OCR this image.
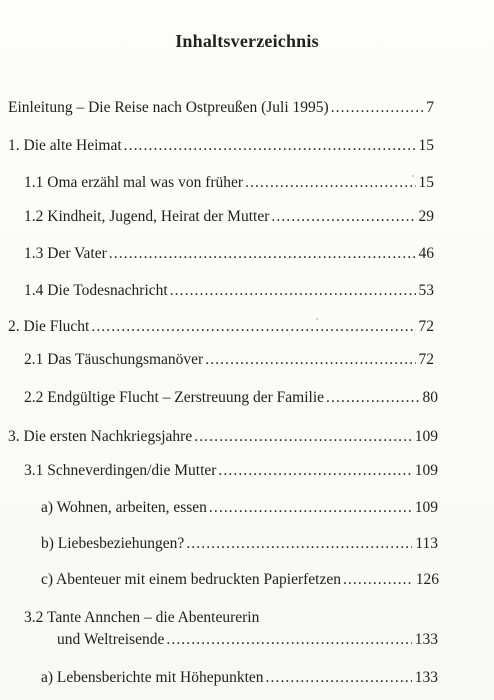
Inhaltsverzeichnis
Einleitung – Die Reise nach Ostpreußen (Juli 1995) .....	7
1. Die alte Heimat .....	15
1.1 Oma erzähl mal was von früher .....	15
1.2 Kindheit, Jugend, Heirat der Mutter .....	29
1.3 Der Vater .....	46
1.4 Die Todesnachricht .....	53
2. Die Flucht .....	72
2.1 Das Täuschungsmanöver .....	72
2.2 Endgültige Flucht – Zerstreuung der Familie .....	80
3. Die ersten Nachkriegsjahre .....	109
3.1 Schneverdingen/die Mutter .....	109
a) Wohnen, arbeiten, essen .....	109
b) Liebesbeziehungen? .....	113
c) Abenteuer mit einem bedruckten Papierfetzen .....	126
3.2 Tante Annchen – die Abenteurerin
und Weltreisende .....	133
a) Lebensberichte mit Höhepunkten .....	133
